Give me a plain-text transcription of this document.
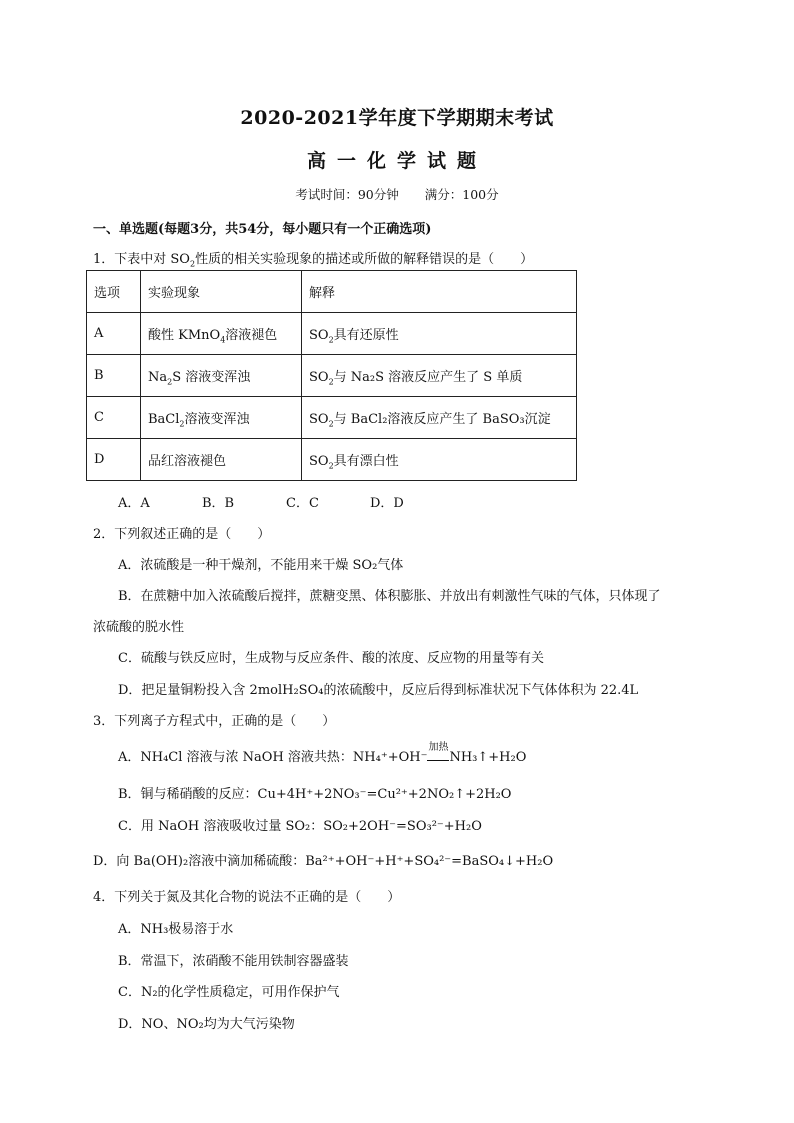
2020-2021学年度下学期期末考试
高一化学试题
考试时间：90分钟 满分：100分
一、单选题(每题3分，共54分，每小题只有一个正确选项)
1．下表中对 $SO_2$性质的相关实验现象的描述或所做的解释错误的是（　　）
选项	实验现象	解释
A	酸性 KMnO$_4$溶液褪色	$SO_2$具有还原性
B	$Na_2S$ 溶液变浑浊	$SO_2$与 Na₂S 溶液反应产生了 S 单质
C	BaCl$_2$溶液变浑浊	$SO_2$与 BaCl₂溶液反应产生了 BaSO₃沉淀
D	品红溶液褪色	$SO_2$具有漂白性
A．A	B．B	C．C	D．D
2．下列叙述正确的是（　　）
A．浓硫酸是一种干燥剂，不能用来干燥 SO₂气体
B．在蔗糖中加入浓硫酸后搅拌，蔗糖变黑、体积膨胀、并放出有刺激性气味的气体，只体现了
浓硫酸的脱水性
C．硫酸与铁反应时，生成物与反应条件、酸的浓度、反应物的用量等有关
D．把足量铜粉投入含 2molH₂SO₄的浓硫酸中，反应后得到标准状况下气体体积为 22.4L
3．下列离子方程式中，正确的是（　　）
A．NH₄Cl 溶液与浓 NaOH 溶液共热：NH₄⁺+OH⁻
加热
NH₃↑+H₂O
B．铜与稀硝酸的反应：Cu+4H⁺+2NO₃⁻=Cu²⁺+2NO₂↑+2H₂O
C．用 NaOH 溶液吸收过量 SO₂：SO₂+2OH⁻=SO₃²⁻+H₂O
D．向 Ba(OH)₂溶液中滴加稀硫酸：Ba²⁺+OH⁻+H⁺+SO₄²⁻=BaSO₄↓+H₂O
4．下列关于氮及其化合物的说法不正确的是（　　）
A．NH₃极易溶于水
B．常温下，浓硝酸不能用铁制容器盛装
C．N₂的化学性质稳定，可用作保护气
D．NO、NO₂均为大气污染物
